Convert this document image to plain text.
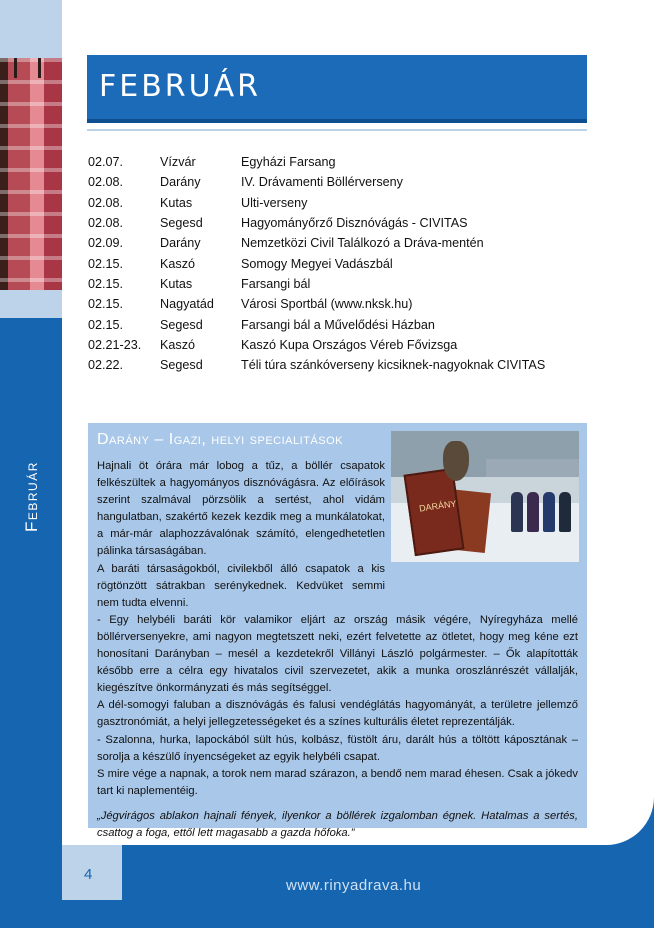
FEBRUÁR
02.07.	Vízvár	Egyházi Farsang
02.08.	Darány	IV. Drávamenti Böllérverseny
02.08.	Kutas	Ulti-verseny
02.08.	Segesd	Hagyományőrző Disznóvágás - CIVITAS
02.09.	Darány	Nemzetközi Civil Találkozó a Dráva-mentén
02.15.	Kaszó	Somogy Megyei Vadászbál
02.15.	Kutas	Farsangi bál
02.15.	Nagyatád	Városi Sportbál (www.nksk.hu)
02.15.	Segesd	Farsangi bál a Művelődési Házban
02.21-23.	Kaszó	Kaszó Kupa Országos Véreb Fővizsga
02.22.	Segesd	Téli túra szánkóverseny kicsiknek-nagyoknak CIVITAS
Február
Darány – Igazi, helyi specialitások
DARÁNY

Hajnali öt órára már lobog a tűz, a böllér csapatok felkészültek a hagyományos disznóvágásra. Az előírások szerint szalmával pörzsölik a sertést, ahol vidám hangulatban, szakértő kezek kezdik meg a munkálatokat, a már-már alaphozzávalónak számító, elengedhetetlen pálinka társaságában.

A baráti társaságokból, civilekből álló csapatok a kis rögtönzött sátrakban serénykednek. Kedvüket semmi nem tudta elvenni.

- Egy helybéli baráti kör valamikor eljárt az ország másik végére, Nyíregyháza mellé böllérversenyekre, ami nagyon megtetszett neki, ezért felvetette az ötletet, hogy meg kéne ezt honosítani Darányban – mesél a kezdetekről Villányi László polgármester. – Ők alapították később erre a célra egy hivatalos civil szervezetet, akik a munka oroszlánrészét vállalják, kiegészítve önkormányzati és más segítséggel.

A dél-somogyi faluban a disznóvágás és falusi vendéglátás hagyományát, a területre jellemző gasztronómiát, a helyi jellegzetességeket és a színes kulturális életet reprezentálják.

- Szalonna, hurka, lapockából sült hús, kolbász, füstölt áru, darált hús a töltött káposztának – sorolja a készülő ínyencségeket az egyik helybéli csapat.

S mire vége a napnak, a torok nem marad szárazon, a bendő nem marad éhesen. Csak a jókedv tart ki naplementéig.

„Jégvirágos ablakon hajnali fények, ilyenkor a böllérek izgalomban égnek. Hatalmas a sertés, csattog a foga, ettől lett magasabb a gazda hőfoka.”

4
www.rinyadrava.hu
